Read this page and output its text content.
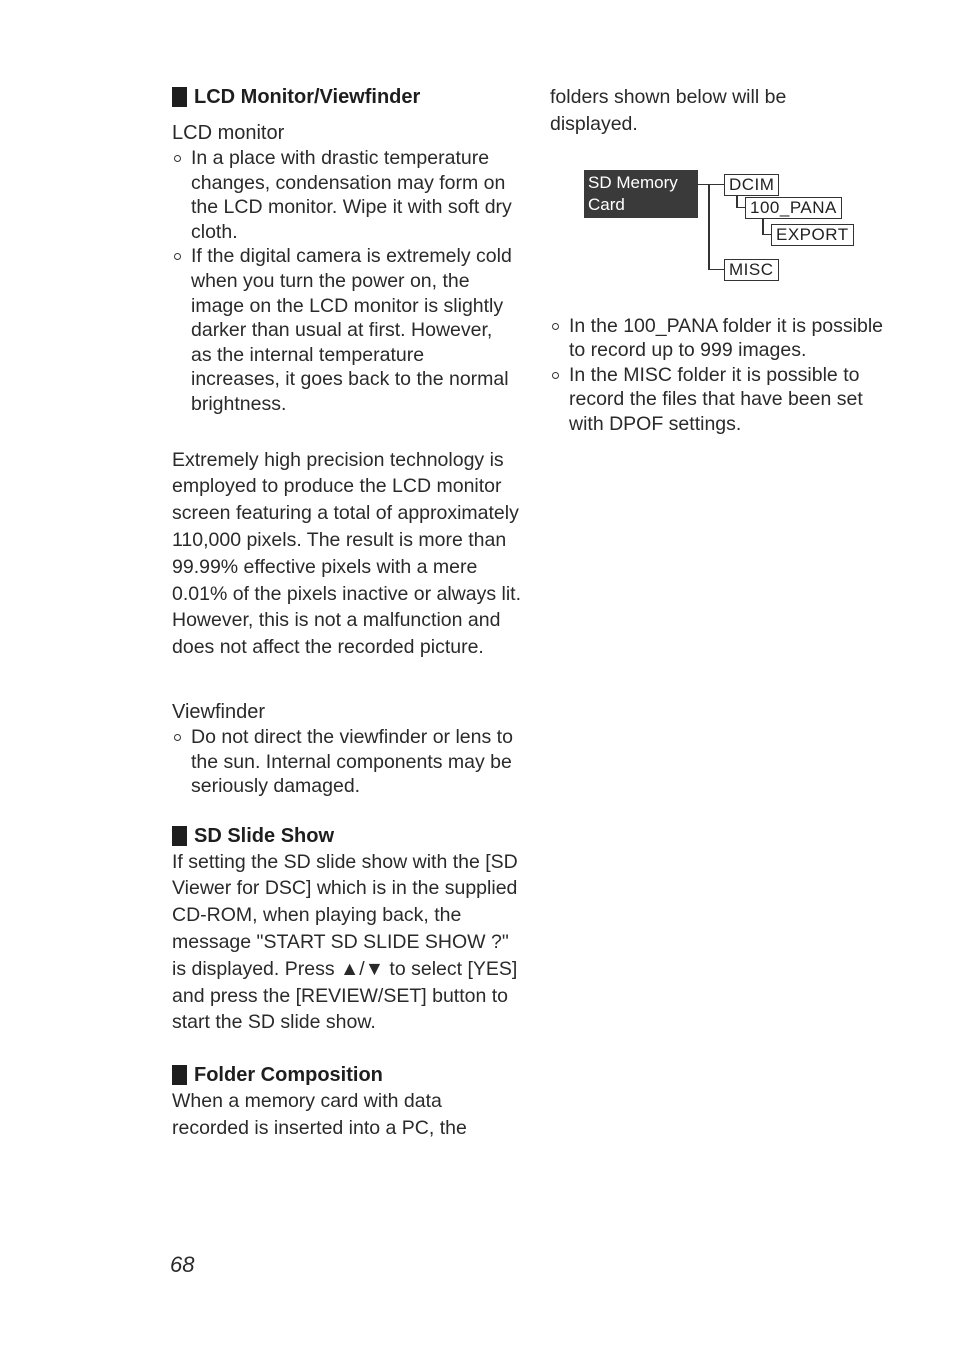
LCD Monitor/Viewfinder

LCD monitor

In a place with drastic temperature changes, condensation may form on the LCD monitor. Wipe it with soft dry cloth.
If the digital camera is extremely cold when you turn the power on, the image on the LCD monitor is slightly darker than usual at first. However, as the internal temperature increases, it goes back to the normal brightness.

Extremely high precision technology is employed to produce the LCD monitor screen featuring a total of approximately 110,000 pixels. The result is more than 99.99% effective pixels with a mere 0.01% of the pixels inactive or always lit. However, this is not a malfunction and does not affect the recorded picture.

Viewfinder

Do not direct the viewfinder or lens to the sun. Internal components may be seriously damaged.
SD Slide Show

If setting the SD slide show with the [SD Viewer for DSC] which is in the supplied CD-ROM, when playing back, the message "START SD SLIDE SHOW ?" is displayed. Press ▲/▼ to select [YES] and press the [REVIEW/SET] button to start the SD slide show.

Folder Composition

When a memory card with data recorded is inserted into a PC, the

folders shown below will be displayed.

SD Memory Card
DCIM
100_PANA
EXPORT
MISC
In the 100_PANA folder it is possible to record up to 999 images.
In the MISC folder it is possible to record the files that have been set with DPOF settings.
68
